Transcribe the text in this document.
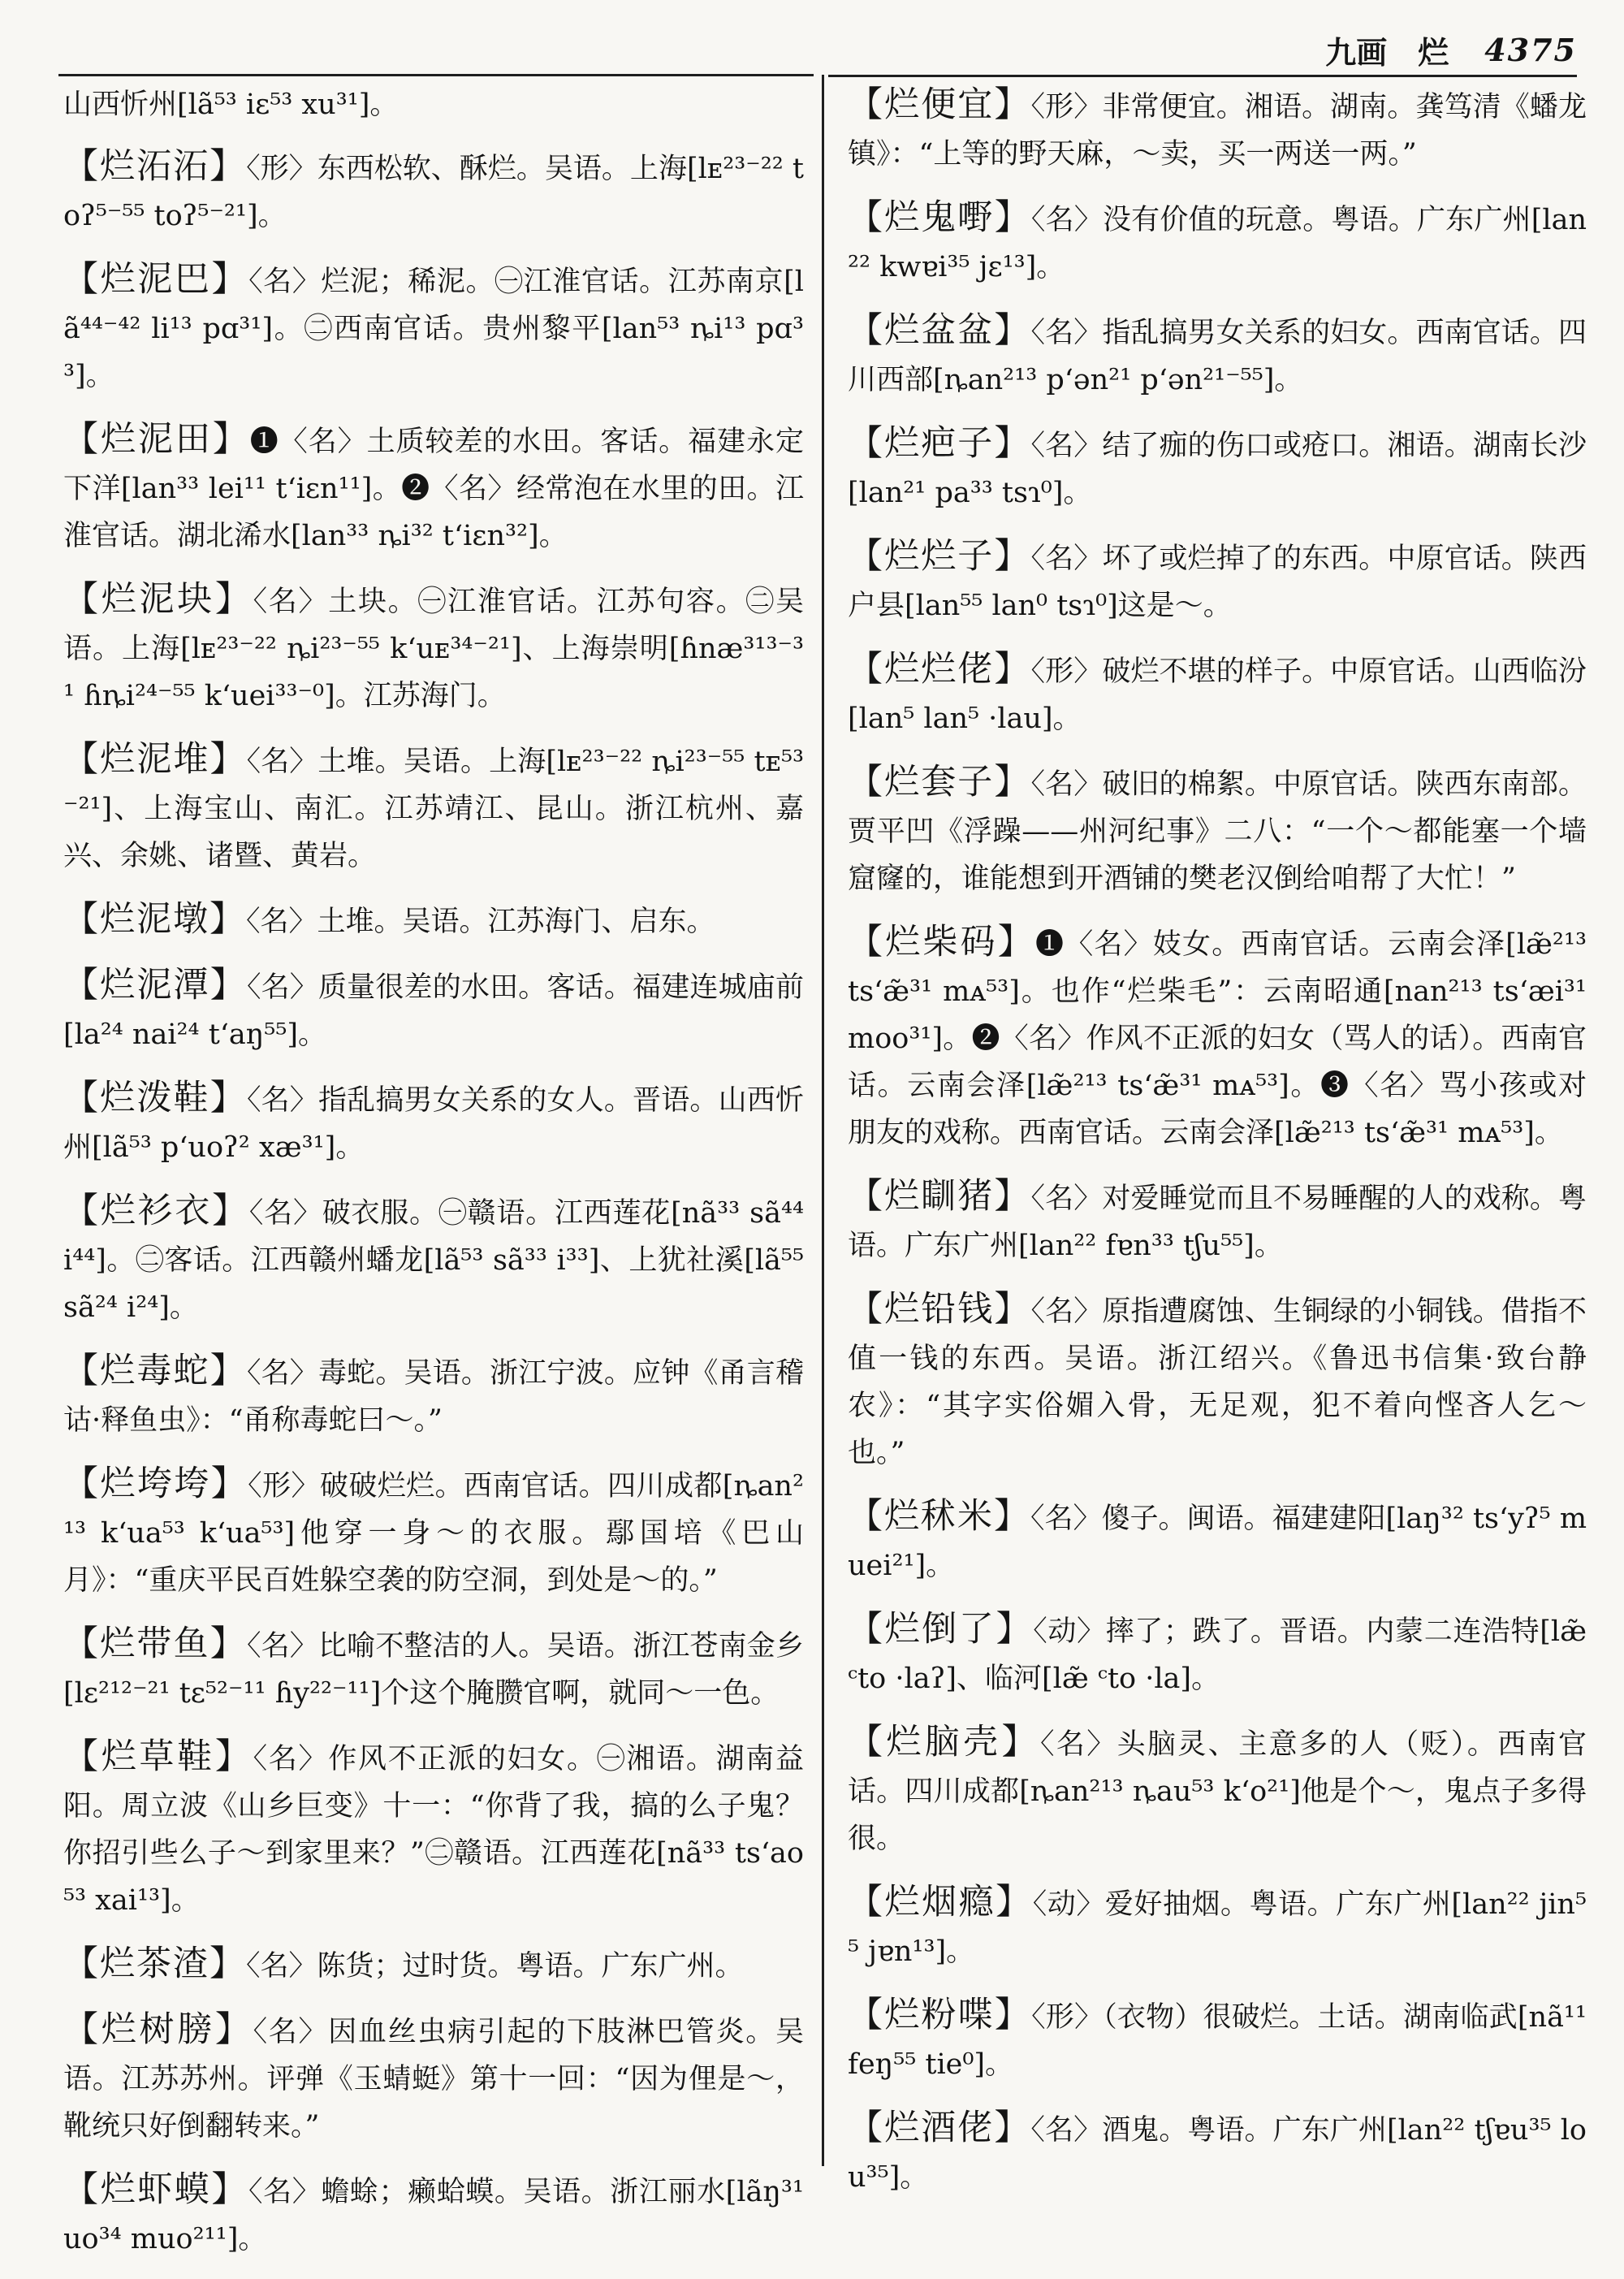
九画　烂 4375

山西忻州[lã⁵³ iɛ⁵³ xu³¹]。

【烂沰沰】〈形〉东西松软、酥烂。吴语。上海[lᴇ²³⁻²² toʔ⁵⁻⁵⁵ toʔ⁵⁻²¹]。

【烂泥巴】〈名〉烂泥；稀泥。㊀江淮官话。江苏南京[lã⁴⁴⁻⁴² li¹³ pɑ³¹]。㊁西南官话。贵州黎平[lan⁵³ ȵi¹³ pɑ³³]。

【烂泥田】❶〈名〉土质较差的水田。客话。福建永定下洋[lan³³ lei¹¹ tʻiɛn¹¹]。❷〈名〉经常泡在水里的田。江淮官话。湖北浠水[lan³³ ȵi³² tʻiɛn³²]。

【烂泥块】〈名〉土块。㊀江淮官话。江苏句容。㊁吴语。上海[lᴇ²³⁻²² ȵi²³⁻⁵⁵ kʻuᴇ³⁴⁻²¹]、上海崇明[ɦnæ³¹³⁻³¹ ɦȵi²⁴⁻⁵⁵ kʻuei³³⁻⁰]。江苏海门。

【烂泥堆】〈名〉土堆。吴语。上海[lᴇ²³⁻²² ȵi²³⁻⁵⁵ tᴇ⁵³⁻²¹]、上海宝山、南汇。江苏靖江、昆山。浙江杭州、嘉兴、余姚、诸暨、黄岩。

【烂泥墩】〈名〉土堆。吴语。江苏海门、启东。

【烂泥潭】〈名〉质量很差的水田。客话。福建连城庙前[la²⁴ nai²⁴ tʻaŋ⁵⁵]。

【烂泼鞋】〈名〉指乱搞男女关系的女人。晋语。山西忻州[lã⁵³ pʻuoʔ² xæ³¹]。

【烂衫衣】〈名〉破衣服。㊀赣语。江西莲花[nã³³ sã⁴⁴ i⁴⁴]。㊁客话。江西赣州蟠龙[lã⁵³ sã³³ i³³]、上犹社溪[lã⁵⁵ sã²⁴ i²⁴]。

【烂毒蛇】〈名〉毒蛇。吴语。浙江宁波。应钟《甬言稽诂·释鱼虫》：“甬称毒蛇曰～。”

【烂垮垮】〈形〉破破烂烂。西南官话。四川成都[ȵan²¹³ kʻua⁵³ kʻua⁵³]他穿一身～的衣服。鄢国培《巴山月》：“重庆平民百姓躲空袭的防空洞，到处是～的。”

【烂带鱼】〈名〉比喻不整洁的人。吴语。浙江苍南金乡[lɛ²¹²⁻²¹ tɛ⁵²⁻¹¹ ɦy²²⁻¹¹]个这个腌臜官啊，就同～一色。

【烂草鞋】〈名〉作风不正派的妇女。㊀湘语。湖南益阳。周立波《山乡巨变》十一：“你背了我，搞的么子鬼？你招引些么子～到家里来？”㊁赣语。江西莲花[nã³³ tsʻao⁵³ xai¹³]。

【烂茶渣】〈名〉陈货；过时货。粤语。广东广州。

【烂树膀】〈名〉因血丝虫病引起的下肢淋巴管炎。吴语。江苏苏州。评弹《玉蜻蜓》第十一回：“因为俚是～，靴统只好倒翻转来。”

【烂虾蟆】〈名〉蟾蜍；癞蛤蟆。吴语。浙江丽水[lãŋ³¹ uo³⁴ muo²¹¹]。

【烂便宜】〈形〉非常便宜。湘语。湖南。龚笃清《蟠龙镇》：“上等的野天麻，～卖，买一两送一两。”

【烂鬼嘢】〈名〉没有价值的玩意。粤语。广东广州[lan²² kwɐi³⁵ jɛ¹³]。

【烂盆盆】〈名〉指乱搞男女关系的妇女。西南官话。四川西部[ȵan²¹³ pʻən²¹ pʻən²¹⁻⁵⁵]。

【烂疤子】〈名〉结了痂的伤口或疮口。湘语。湖南长沙[lan²¹ pa³³ tsɿ⁰]。

【烂烂子】〈名〉坏了或烂掉了的东西。中原官话。陕西户县[lan⁵⁵ lan⁰ tsɿ⁰]这是～。

【烂烂佬】〈形〉破烂不堪的样子。中原官话。山西临汾[lan⁵ lan⁵ ·lau]。

【烂套子】〈名〉破旧的棉絮。中原官话。陕西东南部。贾平凹《浮躁——州河纪事》二八：“一个～都能塞一个墙窟窿的，谁能想到开酒铺的樊老汉倒给咱帮了大忙！”

【烂柴码】❶〈名〉妓女。西南官话。云南会泽[læ̃²¹³ tsʻæ̃³¹ mᴀ⁵³]。也作“烂柴毛”：云南昭通[nan²¹³ tsʻæi³¹ moo³¹]。❷〈名〉作风不正派的妇女（骂人的话）。西南官话。云南会泽[læ̃²¹³ tsʻæ̃³¹ mᴀ⁵³]。❸〈名〉骂小孩或对朋友的戏称。西南官话。云南会泽[læ̃²¹³ tsʻæ̃³¹ mᴀ⁵³]。

【烂瞓猪】〈名〉对爱睡觉而且不易睡醒的人的戏称。粤语。广东广州[lan²² fɐn³³ tʃu⁵⁵]。

【烂铅钱】〈名〉原指遭腐蚀、生铜绿的小铜钱。借指不值一钱的东西。吴语。浙江绍兴。《鲁迅书信集·致台静农》：“其字实俗媚入骨，无足观，犯不着向悭吝人乞～也。”

【烂秫米】〈名〉傻子。闽语。福建建阳[laŋ³² tsʻyʔ⁵ muei²¹]。

【烂倒了】〈动〉摔了；跌了。晋语。内蒙二连浩特[læ̃ ᶜto ·laʔ]、临河[læ̃ ᶜto ·la]。

【烂脑壳】〈名〉头脑灵、主意多的人（贬）。西南官话。四川成都[ȵan²¹³ ȵau⁵³ kʻo²¹]他是个～，鬼点子多得很。

【烂烟瘾】〈动〉爱好抽烟。粤语。广东广州[lan²² jin⁵⁵ jɐn¹³]。

【烂粉喋】〈形〉（衣物）很破烂。土话。湖南临武[nã¹¹ feŋ⁵⁵ tie⁰]。

【烂酒佬】〈名〉酒鬼。粤语。广东广州[lan²² tʃɐu³⁵ lou³⁵]。
